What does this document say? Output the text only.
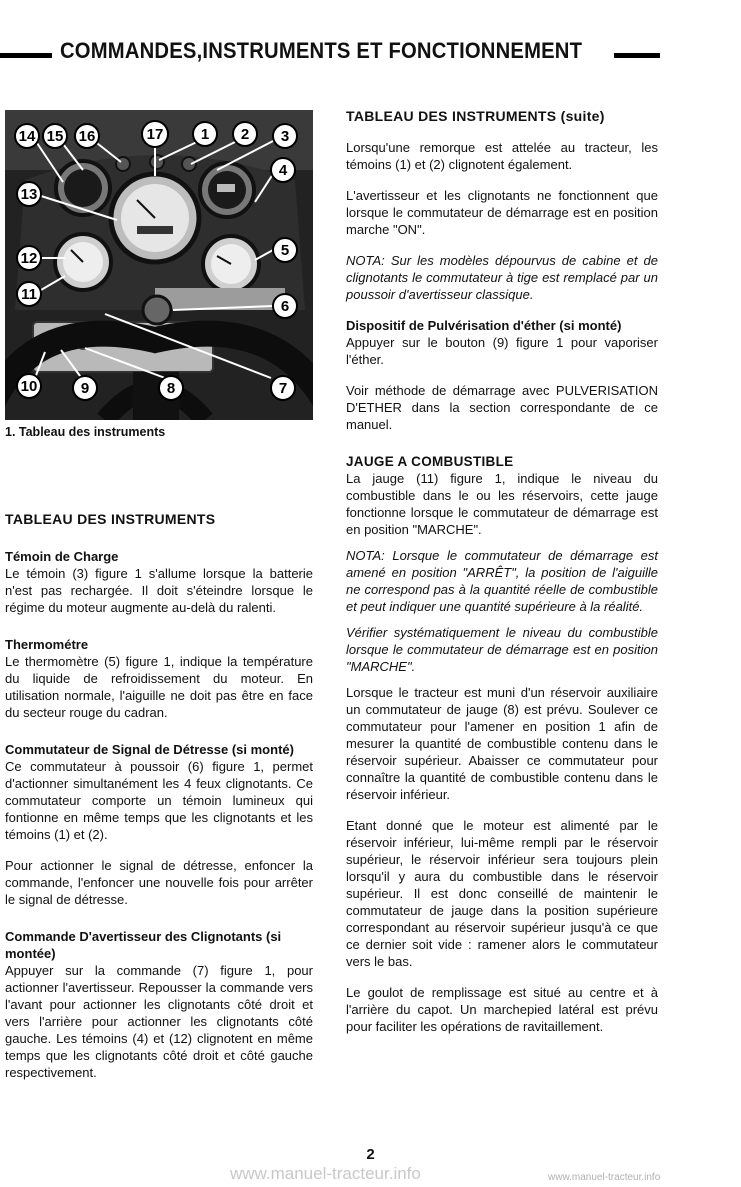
COMMANDES,INSTRUMENTS ET FONCTIONNEMENT
14 15 16	17 1 2 3
4
13
12	5
11
6
10	9	8	7
1. Tableau des instruments
TABLEAU DES INSTRUMENTS
Témoin de Charge

Le témoin (3) figure 1 s'allume lorsque la batterie n'est pas rechargée. Il doit s'éteindre lorsque le régime du moteur augmente au-delà du ralenti.

Thermométre

Le thermomètre (5) figure 1, indique la température du liquide de refroidissement du moteur. En utilisation normale, l'aiguille ne doit pas être en face du secteur rouge du cadran.

Commutateur de Signal de Détresse (si monté)

Ce commutateur à poussoir (6) figure 1, permet d'actionner simultanément les 4 feux clignotants. Ce commutateur comporte un témoin lumineux qui fontionne en même temps que les clignotants et les témoins (1) et (2).

Pour actionner le signal de détresse, enfoncer la commande, l'enfoncer une nouvelle fois pour arrêter le signal de détresse.

Commande D'avertisseur des Clignotants (si montée)

Appuyer sur la commande (7) figure 1, pour actionner l'avertisseur. Repousser la commande vers l'avant pour actionner les clignotants côté droit et vers l'arrière pour actionner les clignotants côté gauche. Les témoins (4) et (12) clignotent en même temps que les clignotants côté droit et côté gauche respectivement.

TABLEAU DES INSTRUMENTS (suite)

Lorsqu'une remorque est attelée au tracteur, les témoins (1) et (2) clignotent également.

L'avertisseur et les clignotants ne fonctionnent que lorsque le commutateur de démarrage est en position marche "ON".

NOTA: Sur les modèles dépourvus de cabine et de clignotants le commutateur à tige est remplacé par un poussoir d'avertisseur classique.

Dispositif de Pulvérisation d'éther (si monté)

Appuyer sur le bouton (9) figure 1 pour vaporiser l'éther.

Voir méthode de démarrage avec PULVERISATION D'ETHER dans la section correspondante de ce manuel.

JAUGE A COMBUSTIBLE

La jauge (11) figure 1, indique le niveau du combustible dans le ou les réservoirs, cette jauge fonctionne lorsque le commutateur de démarrage est en position "MARCHE".

NOTA: Lorsque le commutateur de démarrage est amené en position "ARRÊT", la position de l'aiguille ne correspond pas à la quantité réelle de combustible et peut indiquer une quantité supérieure à la réalité.

Vérifier systématiquement le niveau du combustible lorsque le commutateur de démarrage est en position "MARCHE".

Lorsque le tracteur est muni d'un réservoir auxiliaire un commutateur de jauge (8) est prévu. Soulever ce commutateur pour l'amener en position 1 afin de mesurer la quantité de combustible contenu dans le réservoir supérieur. Abaisser ce commutateur pour connaître la quantité de combustible contenu dans le réservoir inférieur.

Etant donné que le moteur est alimenté par le réservoir inférieur, lui-même rempli par le réservoir supérieur, le réservoir inférieur sera toujours plein lorsqu'il y aura du combustible dans le réservoir supérieur. Il est donc conseillé de maintenir le commutateur de jauge dans la position supérieure correspondant au réservoir supérieur jusqu'à ce que ce dernier soit vide : ramener alors le commutateur vers le bas.

Le goulot de remplissage est situé au centre et à l'arrière du capot. Un marchepied latéral est prévu pour faciliter les opérations de ravitaillement.

2
www.manuel-tracteur.info	www.manuel-tracteur.info
